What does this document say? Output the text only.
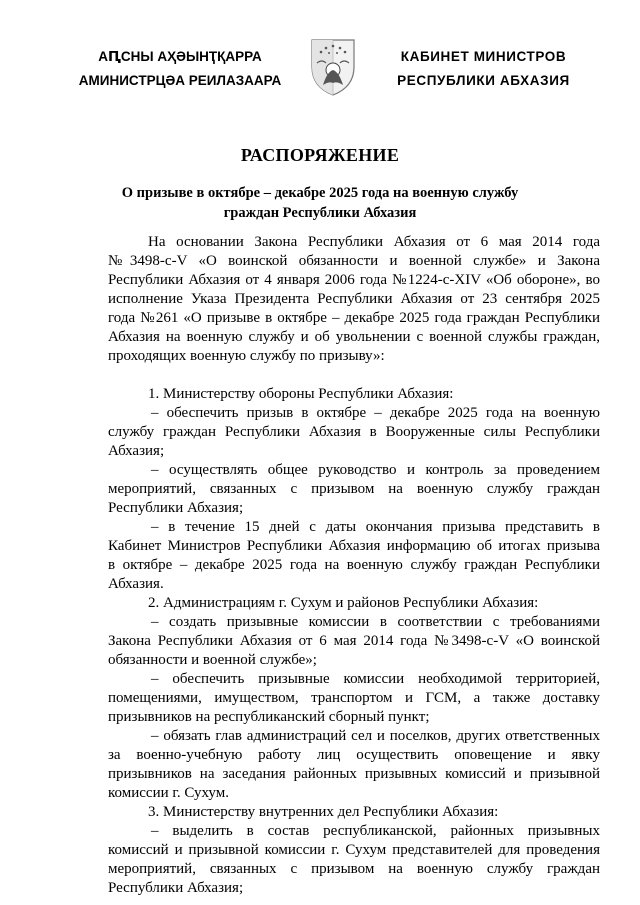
АԤСНЫ АҲӘЫНҬҚАРРА
АМИНИСТРЦӘА РЕИЛАЗААРА
КАБИНЕТ МИНИСТРОВ
РЕСПУБЛИКИ АБХАЗИЯ
РАСПОРЯЖЕНИЕ
О призыве в октябре – декабре 2025 года на военную службу
граждан Республики Абхазия
На основании Закона Республики Абхазия от 6 мая 2014 года
№3498-с-V «О воинской обязанности и военной службе» и Закона
Республики Абхазия от 4 января 2006 года №1224-с-XIV «Об обороне», во
исполнение Указа Президента Республики Абхазия от 23 сентября 2025
года №261 «О призыве в октябре – декабре 2025 года граждан Республики
Абхазия на военную службу и об увольнении с военной службы граждан,
проходящих военную службу по призыву»:
1. Министерству обороны Республики Абхазия:
– обеспечить призыв в октябре – декабре 2025 года на военную
службу граждан Республики Абхазия в Вооруженные силы Республики
Абхазия;
– осуществлять общее руководство и контроль за проведением
мероприятий, связанных с призывом на военную службу граждан
Республики Абхазия;
– в течение 15 дней с даты окончания призыва представить в
Кабинет Министров Республики Абхазия информацию об итогах призыва
в октябре – декабре 2025 года на военную службу граждан Республики
Абхазия.
2. Администрациям г. Сухум и районов Республики Абхазия:
– создать призывные комиссии в соответствии с требованиями
Закона Республики Абхазия от 6 мая 2014 года №3498-с-V «О воинской
обязанности и военной службе»;
– обеспечить призывные комиссии необходимой территорией,
помещениями, имуществом, транспортом и ГСМ, а также доставку
призывников на республиканский сборный пункт;
– обязать глав администраций сел и поселков, других ответственных
за военно-учебную работу лиц осуществить оповещение и явку
призывников на заседания районных призывных комиссий и призывной
комиссии г. Сухум.
3. Министерству внутренних дел Республики Абхазия:
– выделить в состав республиканской, районных призывных
комиссий и призывной комиссии г. Сухум представителей для проведения
мероприятий, связанных с призывом на военную службу граждан
Республики Абхазия;
